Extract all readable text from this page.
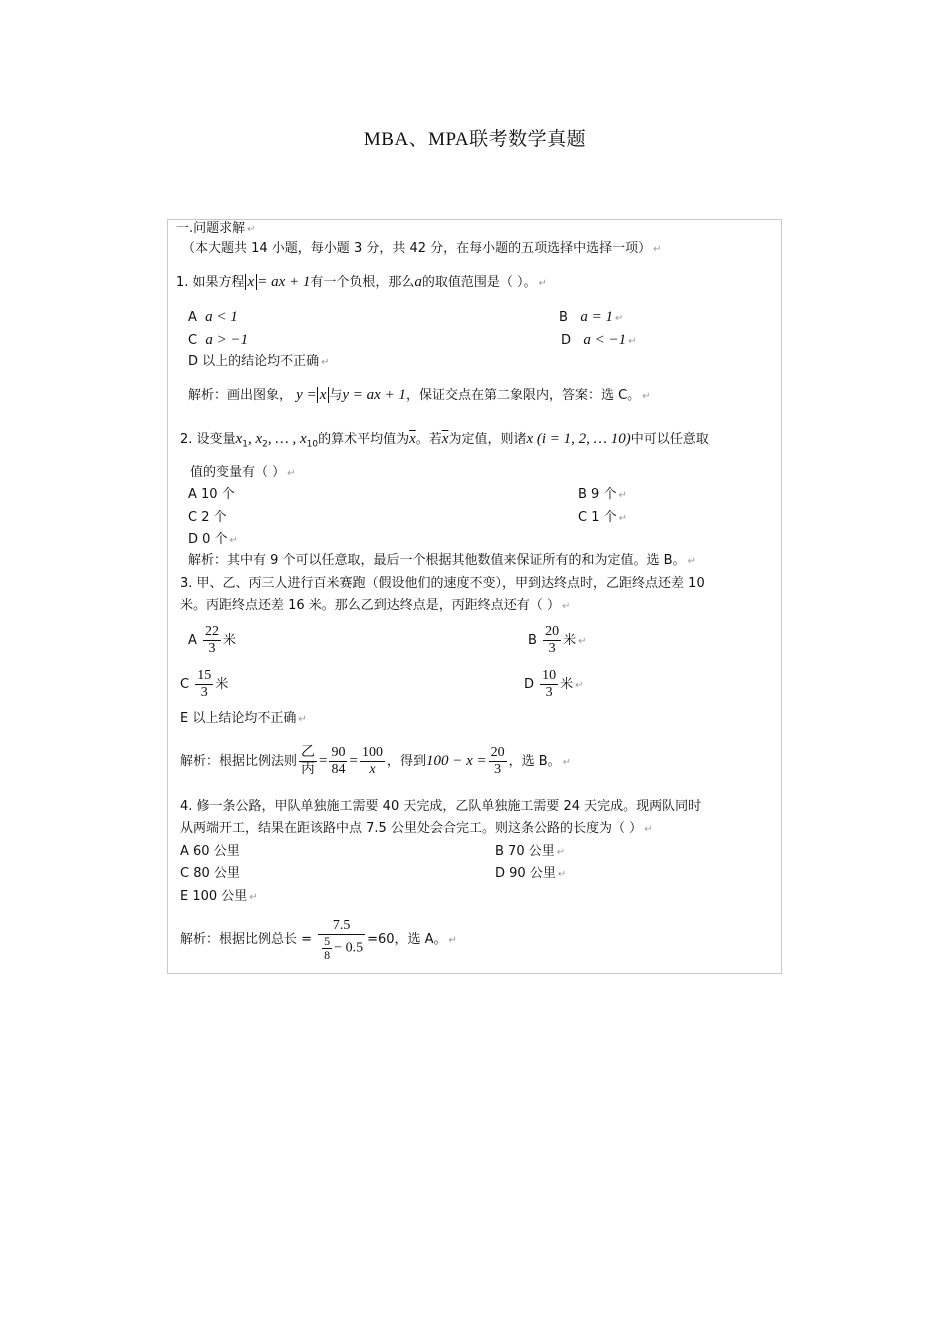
MBA、MPA联考数学真题
一.问题求解 ↵
（本大题共 14 小题，每小题 3 分，共 42 分，在每小题的五项选择中选择一项） ↵
1. 如果方程 x = ax + 1有一个负根，那么a的取值范围是（ ）。 ↵
A a < 1	B a = 1 ↵
C a > −1	D a < −1 ↵
D 以上的结论均不正确 ↵
解析：画出图象， y = x 与y = ax + 1，保证交点在第二象限内，答案：选 C。 ↵
2. 设变量$x_1$, $x_2$, … , $x_{10}$的算术平均值为$\overline{x}$。若$\overline{x}$为定值，则诸x (i = 1, 2, … 10)中可以任意取
值的变量有（ ） ↵
A 10 个	B 9 个 ↵
C 2 个	C 1 个 ↵
D 0 个 ↵
解析：其中有 9 个可以任意取，最后一个根据其他数值来保证所有的和为定值。选 B。 ↵
3. 甲、乙、丙三人进行百米赛跑（假设他们的速度不变），甲到达终点时，乙距终点还差 10
米。丙距终点还差 16 米。那么乙到达终点是，丙距终点还有（ ） ↵
A $\frac{22}{3}$ 米	B $\frac{20}{3}$ 米 ↵
C $\frac{15}{3}$ 米	D $\frac{10}{3}$ 米 ↵
E 以上结论均不正确 ↵
解析：根据比例法则 $\frac{\text{乙}}{\text{丙}} = \frac{90}{84} = \frac{100}{x}$ ，得到$100 - x = \frac{20}{3}$ ，选 B。 ↵
4. 修一条公路，甲队单独施工需要 40 天完成，乙队单独施工需要 24 天完成。现两队同时
从两端开工，结果在距该路中点 7.5 公里处会合完工。则这条公路的长度为（ ） ↵
A 60 公里	B 70 公里 ↵
C 80 公里	D 90 公里 ↵
E 100 公里 ↵
解析：根据比例总长 = $\frac{7.5}{\frac{5}{8} - 0.5} =60$，选 A。 ↵
